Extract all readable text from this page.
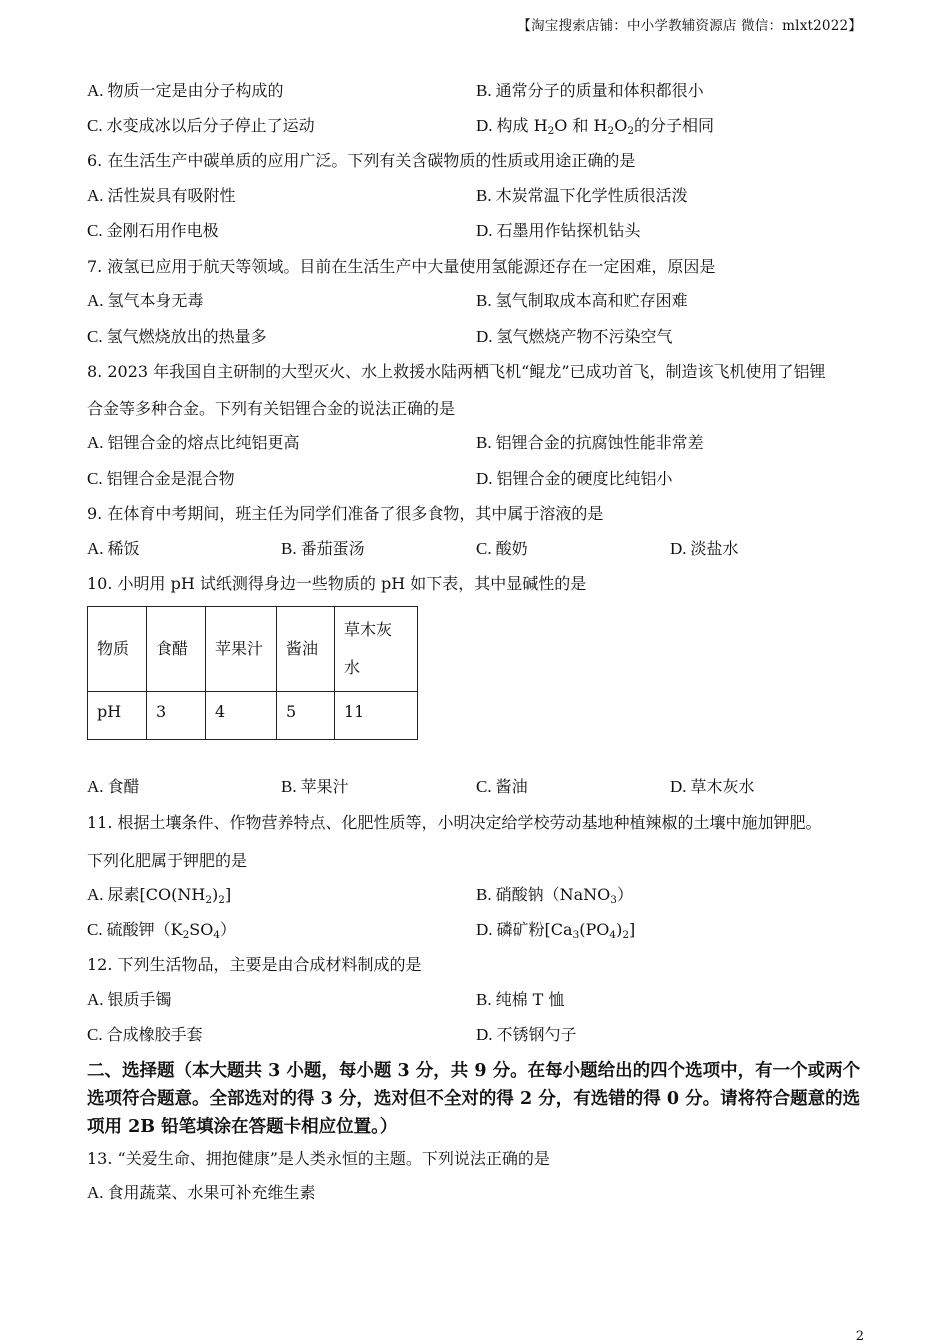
【淘宝搜索店铺：中小学教辅资源店 微信：mlxt2022】
A. 物质一定是由分子构成的	B. 通常分子的质量和体积都很小
C. 水变成冰以后分子停止了运动	D. 构成 $H_2O$ 和 $H_2O_2$的分子相同
6. 在生活生产中碳单质的应用广泛。下列有关含碳物质的性质或用途正确的是
A. 活性炭具有吸附性	B. 木炭常温下化学性质很活泼
C. 金刚石用作电极	D. 石墨用作钻探机钻头
7. 液氢已应用于航天等领域。目前在生活生产中大量使用氢能源还存在一定困难，原因是
A. 氢气本身无毒	B. 氢气制取成本高和贮存困难
C. 氢气燃烧放出的热量多	D. 氢气燃烧产物不污染空气
8. 2023 年我国自主研制的大型灭火、水上救援水陆两栖飞机“鲲龙”已成功首飞，制造该飞机使用了铝锂
合金等多种合金。下列有关铝锂合金的说法正确的是
A. 铝锂合金的熔点比纯铝更高	B. 铝锂合金的抗腐蚀性能非常差
C. 铝锂合金是混合物	D. 铝锂合金的硬度比纯铝小
9. 在体育中考期间，班主任为同学们准备了很多食物，其中属于溶液的是
A. 稀饭	B. 番茄蛋汤	C. 酸奶	D. 淡盐水
10. 小明用 pH 试纸测得身边一些物质的 pH 如下表，其中显碱性的是
物质	食醋	苹果汁	酱油	草木灰
水

pH	3	4	5	11
A. 食醋	B. 苹果汁	C. 酱油	D. 草木灰水
11. 根据土壤条件、作物营养特点、化肥性质等，小明决定给学校劳动基地种植辣椒的土壤中施加钾肥。
下列化肥属于钾肥的是
A. 尿素$[CO(NH_2)_2]$	B. 硝酸钠（NaNO$_3$）
C. 硫酸钾$(K_2SO_4)$	D. 磷矿粉$[Ca_3(PO_4)_2]$
12. 下列生活物品，主要是由合成材料制成的是
A. 银质手镯	B. 纯棉 T 恤
C. 合成橡胶手套	D. 不锈钢勺子
二、选择题（本大题共 3 小题，每小题 3 分，共 9 分。在每小题给出的四个选项中，有一个或两个选项符合题意。全部选对的得 3 分，选对但不全对的得 2 分，有选错的得 0 分。请将符合题意的选项用 2B 铅笔填涂在答题卡相应位置。）
13. “关爱生命、拥抱健康”是人类永恒的主题。下列说法正确的是
A. 食用蔬菜、水果可补充维生素
2
